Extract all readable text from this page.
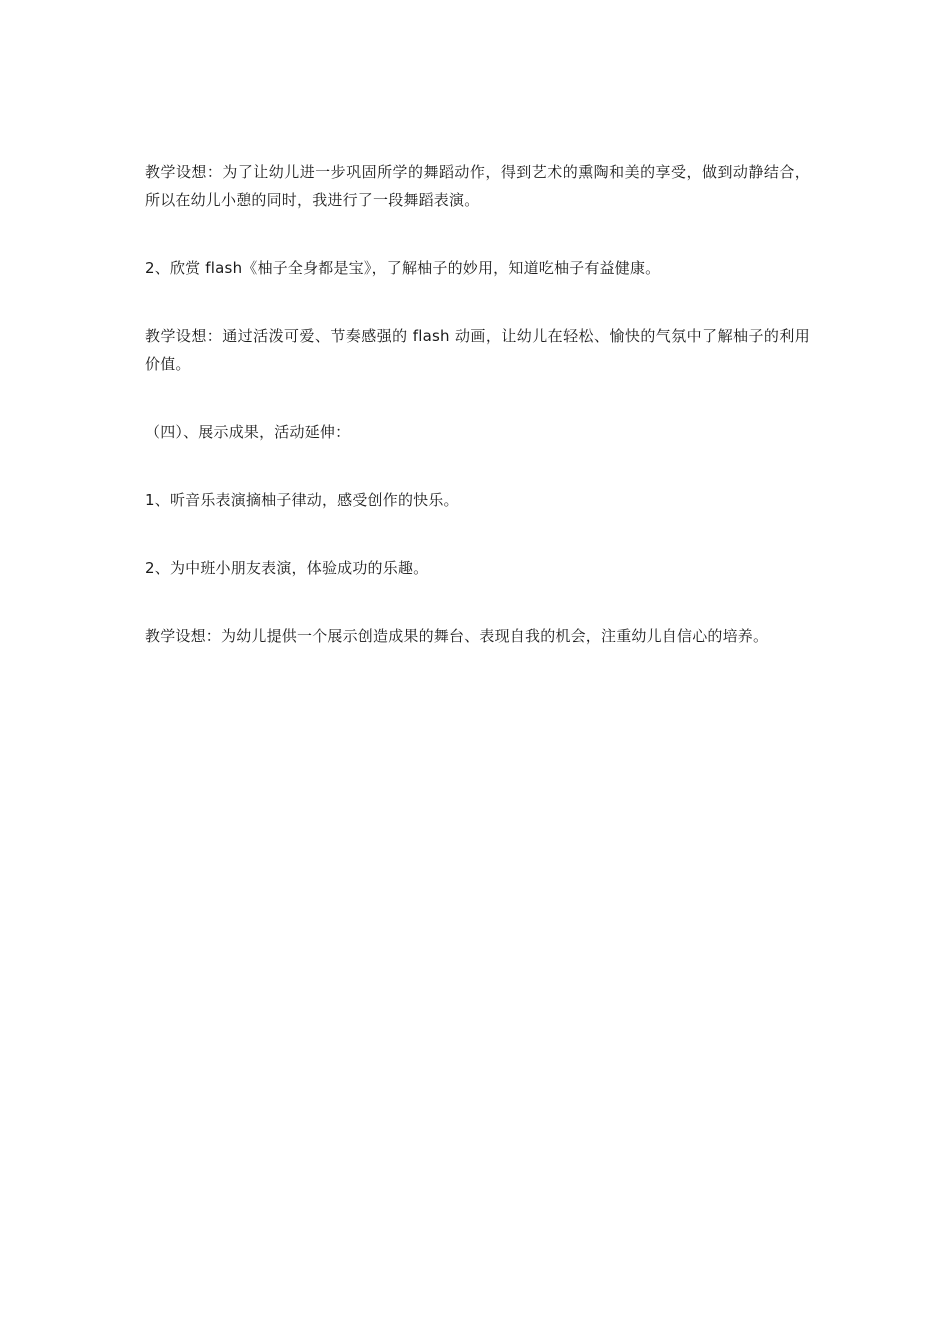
教学设想：为了让幼儿进一步巩固所学的舞蹈动作，得到艺术的熏陶和美的享受，做到动静结合，所以在幼儿小憩的同时，我进行了一段舞蹈表演。

2、欣赏 flash《柚子全身都是宝》，了解柚子的妙用，知道吃柚子有益健康。

教学设想：通过活泼可爱、节奏感强的 flash 动画，让幼儿在轻松、愉快的气氛中了解柚子的利用价值。

（四）、展示成果，活动延伸：

1、听音乐表演摘柚子律动，感受创作的快乐。

2、为中班小朋友表演，体验成功的乐趣。

教学设想：为幼儿提供一个展示创造成果的舞台、表现自我的机会，注重幼儿自信心的培养。
